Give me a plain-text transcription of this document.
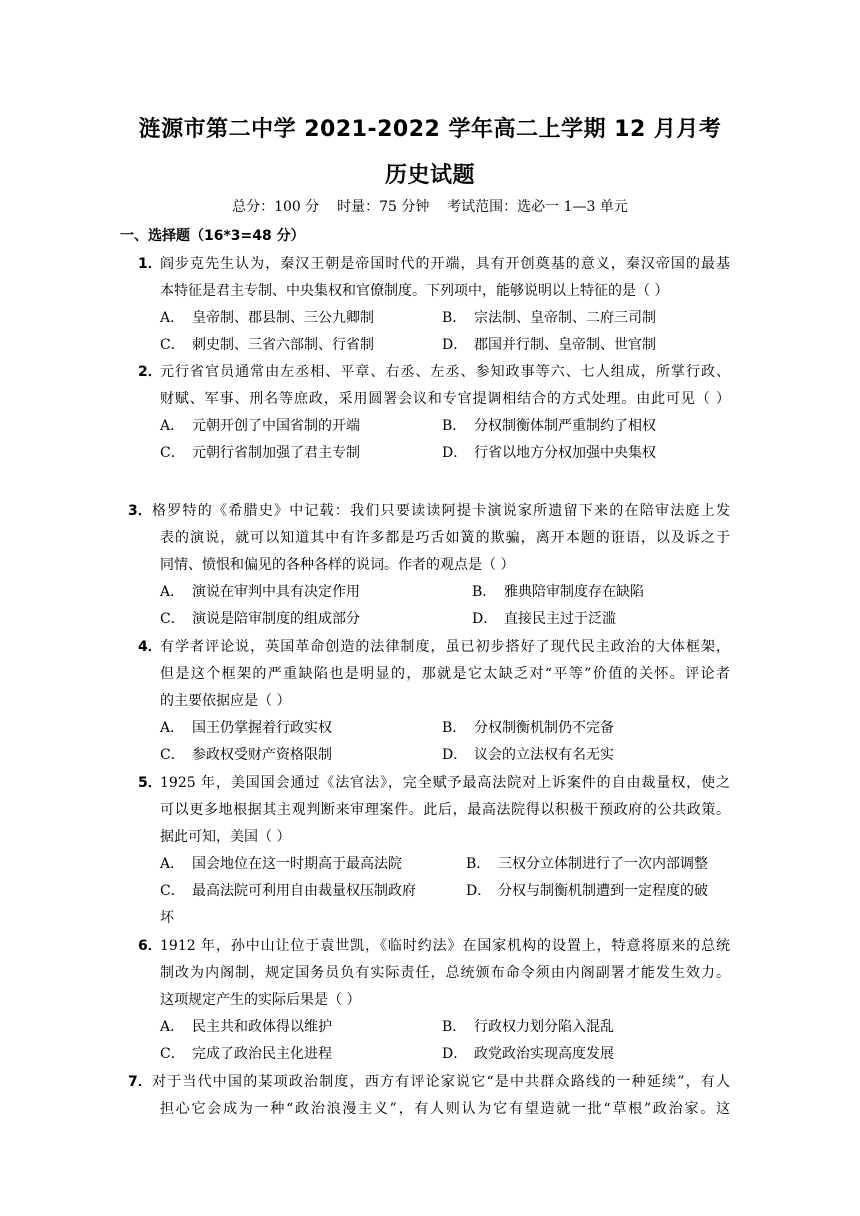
涟源市第二中学 2021-2022 学年高二上学期 12 月月考
历史试题
总分：100 分    时量：75 分钟    考试范围：选必一 1—3 单元
一、选择题（16*3=48 分）
1．
阎步克先生认为，秦汉王朝是帝国时代的开端，具有开创奠基的意义，秦汉帝国的最基
本特征是君主专制、中央集权和官僚制度。下列项中，能够说明以上特征的是（ ）
A． 皇帝制、郡县制、三公九卿制	B． 宗法制、皇帝制、二府三司制
C． 刺史制、三省六部制、行省制	D． 郡国并行制、皇帝制、世官制
2．
元行省官员通常由左丞相、平章、右丞、左丞、参知政事等六、七人组成，所掌行政、
财赋、军事、刑名等庶政，采用圆署会议和专官提调相结合的方式处理。由此可见（ ）
A． 元朝开创了中国省制的开端	B． 分权制衡体制严重制约了相权
C． 元朝行省制加强了君主专制	D． 行省以地方分权加强中央集权
3． 格罗特的《希腊史》中记载：我们只要读读阿提卡演说家所遗留下来的在陪审法庭上发
表的演说，就可以知道其中有许多都是巧舌如簧的欺骗，离开本题的诳语，以及诉之于
同情、愤恨和偏见的各种各样的说词。作者的观点是（ ）
A． 演说在审判中具有决定作用	B． 雅典陪审制度存在缺陷
C． 演说是陪审制度的组成部分	D． 直接民主过于泛滥
4．
有学者评论说，英国革命创造的法律制度，虽已初步搭好了现代民主政治的大体框架，
但是这个框架的严重缺陷也是明显的，那就是它太缺乏对“平等”价值的关怀。评论者
的主要依据应是（ ）
A． 国王仍掌握着行政实权	B． 分权制衡机制仍不完备
C． 参政权受财产资格限制	D． 议会的立法权有名无实
5．
1925 年，美国国会通过《法官法》，完全赋予最高法院对上诉案件的自由裁量权，使之
可以更多地根据其主观判断来审理案件。此后，最高法院得以积极干预政府的公共政策。
据此可知，美国（ ）
A． 国会地位在这一时期高于最高法院	B． 三权分立体制进行了一次内部调整
C． 最高法院可利用自由裁量权压制政府	D． 分权与制衡机制遭到一定程度的破
坏
6．
1912 年，孙中山让位于袁世凯，《临时约法》在国家机构的设置上，特意将原来的总统
制改为内阁制，规定国务员负有实际责任，总统颁布命令须由内阁副署才能发生效力。
这项规定产生的实际后果是（ ）
A． 民主共和政体得以维护	B． 行政权力划分陷入混乱
C． 完成了政治民主化进程	D． 政党政治实现高度发展
7． 对于当代中国的某项政治制度，西方有评论家说它“是中共群众路线的一种延续”，有人
担心它会成为一种“政治浪漫主义”，有人则认为它有望造就一批“草根”政治家。这
